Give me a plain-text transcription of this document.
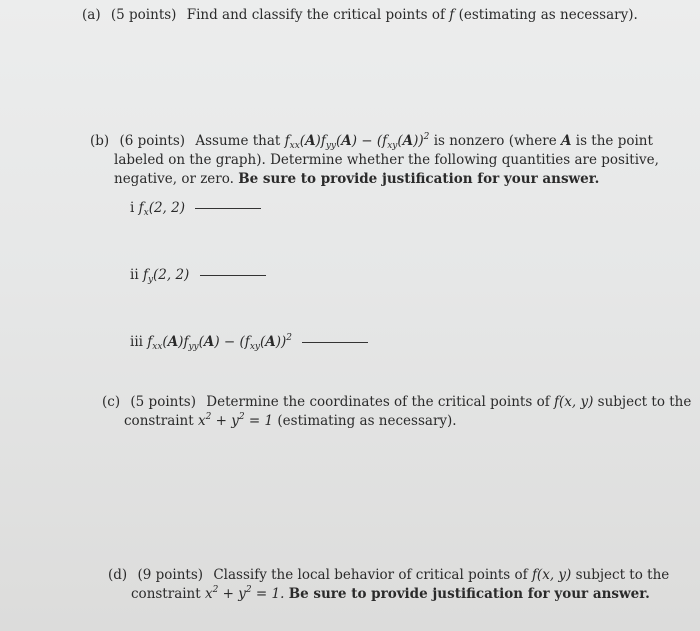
(a) (5 points) Find and classify the critical points of f (estimating as necessary).
(b) (6 points) Assume that $f_{xx}(A)f_{yy}(A) - (f_{xy}(A))^2$ is nonzero (where A is the point
labeled on the graph). Determine whether the following quantities are positive,
negative, or zero. Be sure to provide justification for your answer.
i $f_x(2$, 2)
ii $f_y(2$, 2)
iii $f_{xx}(A)f_{yy}(A) - (f_{xy}(A))^2$
(c) (5 points) Determine the coordinates of the critical points of f(x, y) subject to the
constraint $x^2 + y^2 = 1$ (estimating as necessary).
(d) (9 points) Classify the local behavior of critical points of f(x, y) subject to the
constraint $x^2 + y^2 = 1$. Be sure to provide justification for your answer.
